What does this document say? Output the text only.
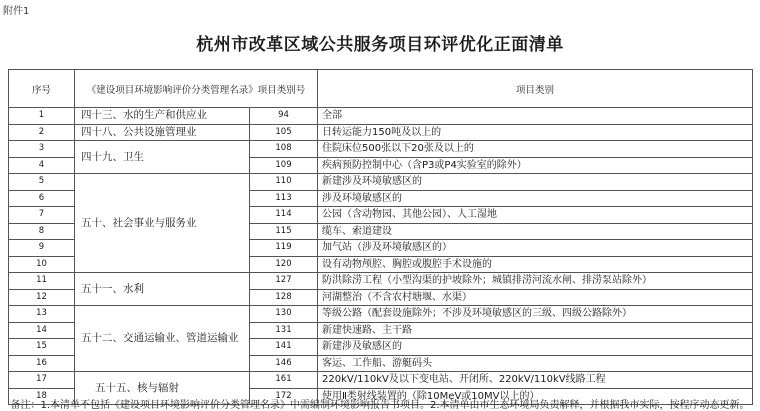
附件1
杭州市改革区域公共服务项目环评优化正面清单
序号	《建设项目环境影响评价分类管理名录》项目类别号		项目类别
1	四十三、水的生产和供应业	94	全部
2	四十八、公共设施管理业	105	日转运能力150吨及以上的
3	四十九、卫生	108	住院床位500张以下20张及以上的
4		109	疾病预防控制中心（含P3或P4实验室的除外）
5	五十、社会事业与服务业	110	新建涉及环境敏感区的
6		113	涉及环境敏感区的
7		114	公园（含动物园、其他公园）、人工湿地
8		115	缆车、索道建设
9		119	加气站（涉及环境敏感区的）
10		120	设有动物颅腔、胸腔或腹腔手术设施的
11	五十一、水利	127	防洪除涝工程（小型沟渠的护坡除外；城镇排涝河流水闸、排涝泵站除外）
12		128	河湖整治（不含农村塘堰、水渠）
13	五十二、交通运输业、管道运输业	130	等级公路（配套设施除外；不涉及环境敏感区的三级、四级公路除外）
14		131	新建快速路、主干路
15		141	新建涉及敏感区的
16		146	客运、工作船、游艇码头
17	五十五、核与辐射	161	220kV/110kV及以下变电站、开闭所、220kV/110kV线路工程
18		172	使用Ⅱ类射线装置的（除10MeV或10MV以上的）
备注：1.本清单不包括《建设项目环境影响评价分类管理名录》中需编制环境影响报告书项目。2.本清单由市生态环境局负责解释，并根据我市实际，按程序动态更新。
